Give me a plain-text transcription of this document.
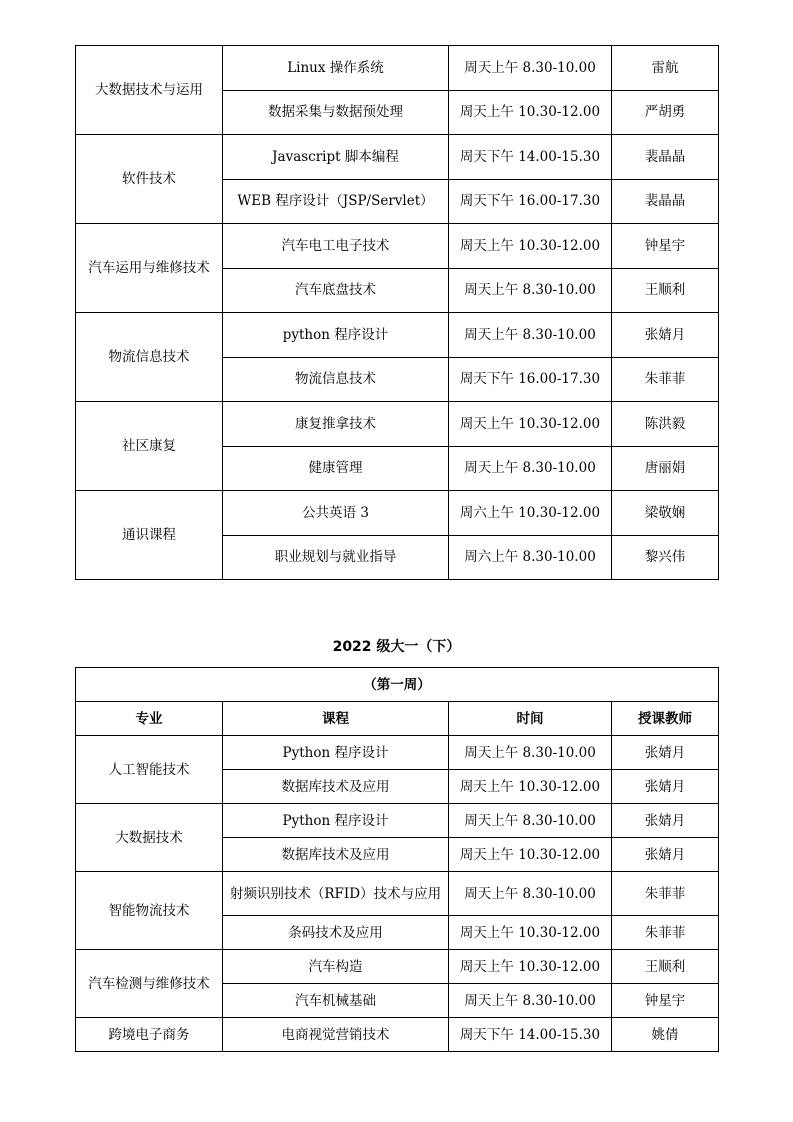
大数据技术与运用	Linux 操作系统	周天上午 8.30-10.00	雷航
	数据采集与数据预处理	周天上午 10.30-12.00	严胡勇
软件技术	Javascript 脚本编程	周天下午 14.00-15.30	裴晶晶
	WEB 程序设计（JSP/Servlet）	周天下午 16.00-17.30	裴晶晶
汽车运用与维修技术	汽车电工电子技术	周天上午 10.30-12.00	钟星宇
	汽车底盘技术	周天上午 8.30-10.00	王顺利
物流信息技术	python 程序设计	周天上午 8.30-10.00	张婧月
	物流信息技术	周天下午 16.00-17.30	朱菲菲
社区康复	康复推拿技术	周天上午 10.30-12.00	陈洪毅
	健康管理	周天上午 8.30-10.00	唐丽娟
通识课程	公共英语 3	周六上午 10.30-12.00	梁敬娴
	职业规划与就业指导	周六上午 8.30-10.00	黎兴伟
2022 级大一（下）
（第一周）			
专业	课程	时间	授课教师
人工智能技术	Python 程序设计	周天上午 8.30-10.00	张婧月
	数据库技术及应用	周天上午 10.30-12.00	张婧月
大数据技术	Python 程序设计	周天上午 8.30-10.00	张婧月
	数据库技术及应用	周天上午 10.30-12.00	张婧月
智能物流技术	射频识别技术（RFID）技术与应用	周天上午 8.30-10.00	朱菲菲
	条码技术及应用	周天上午 10.30-12.00	朱菲菲
汽车检测与维修技术	汽车构造	周天上午 10.30-12.00	王顺利
	汽车机械基础	周天上午 8.30-10.00	钟星宇
跨境电子商务	电商视觉营销技术	周天下午 14.00-15.30	姚倩
